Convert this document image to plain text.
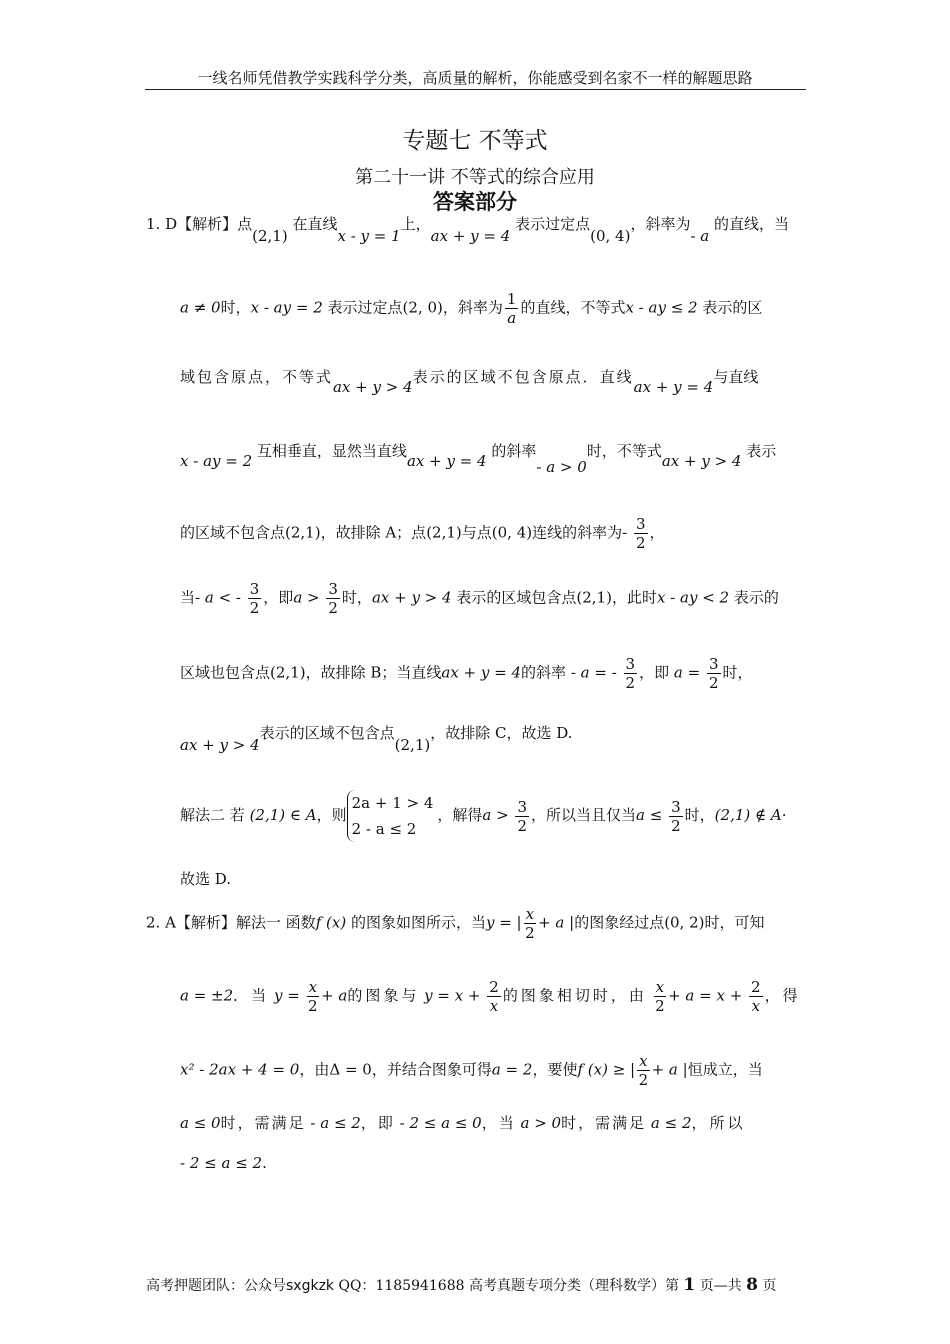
一线名师凭借教学实践科学分类，高质量的解析，你能感受到名家不一样的解题思路
专题七 不等式
第二十一讲 不等式的综合应用
答案部分
1. D【解析】点(2,1) 在直线x - y = 1上，ax + y = 4 表示过定点(0, 4)，斜率为- a 的直线，当
a ≠ 0时，x - ay = 2 表示过定点(2, 0)，斜率为 $\frac{1}{a}$ 的直线，不等式x - ay ≤ 2 表示的区
域包含原点，不等式ax + y > 4表示的区域不包含原点．直线ax + y = 4与直线
x - ay = 2 互相垂直，显然当直线ax + y = 4 的斜率- a > 0时，不等式ax + y > 4 表示
的区域不包含点(2,1)，故排除 A；点(2,1)与点(0, 4)连线的斜率为- $\frac{3}{2}$ ，
当- a < - $\frac{3}{2}$ ，即$a > \frac{3}{2}$ 时，ax + y > 4 表示的区域包含点(2,1)，此时x - ay < 2 表示的
区域也包含点(2,1)，故排除 B；当直线ax + y = 4的斜率 - a = - $\frac{3}{2}$ ，即 $a = \frac{3}{2}$ 时，
ax + y > 4表示的区域不包含点(2,1)，故排除 C，故选 D.
解法二 若 (2,1) ∈ A，则
2a + 1 > 4
2 - a ≤ 2
，解得$a > \frac{3}{2}$ ，所以当且仅当$a \le \frac{3}{2}$ 时，(2,1) ∉ A·
故选 D.
2. A【解析】解法一 函数f (x) 的图象如图所示，当y = | $\frac{x}{2} + a$ |的图象经过点(0, 2)时，可知
a = ±2．当 $y = \frac{x}{2} + a$的图象与 $y = x + \frac{2}{x}$ 的图象相切时，由 $\frac{x}{2} + a = x + \frac{2}{x}$ ，得
x² - 2ax + 4 = 0，由Δ = 0，并结合图象可得a = 2，要使f (x) ≥ | $\frac{x}{2} + a$ |恒成立，当
a ≤ 0时，需满足 - a ≤ 2，即 - 2 ≤ a ≤ 0，当 a > 0时，需满足 a ≤ 2，所以
- 2 ≤ a ≤ 2.
高考押题团队：公众号sxgkzk QQ：1185941688 高考真题专项分类（理科数学）第 1 页—共 8 页
